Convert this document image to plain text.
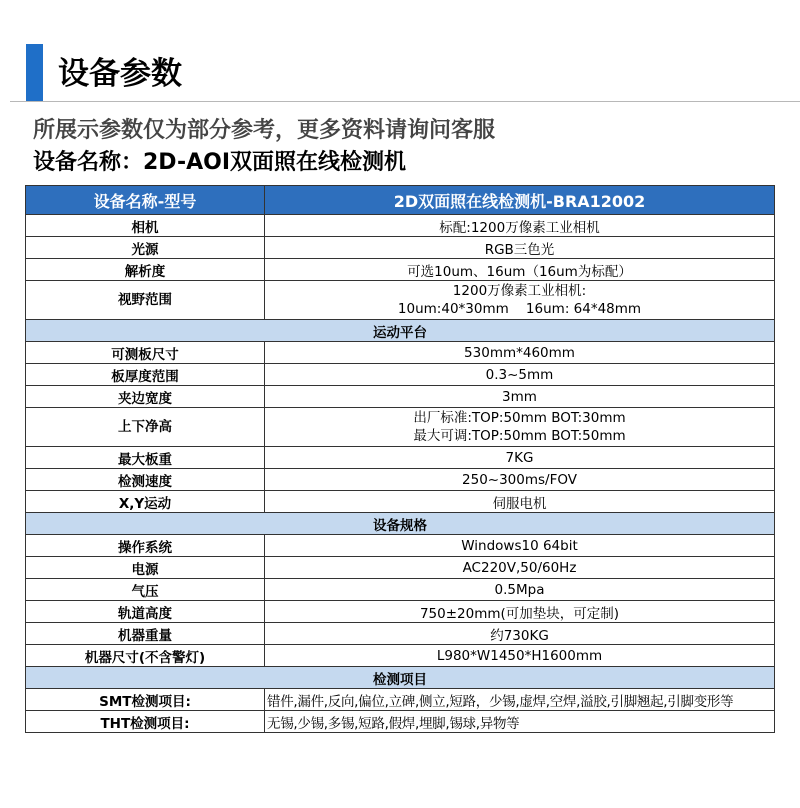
设备参数
所展示参数仅为部分参考，更多资料请询问客服
设备名称：2D-AOI双面照在线检测机
设备名称-型号	2D双面照在线检测机-BRA12002
相机	标配:1200万像素工业相机
光源	RGB三色光
解析度	可选10um、16um（16um为标配）
视野范围	1200万像素工业相机:
10um:40*30mm    16um: 64*48mm

运动平台	
可测板尺寸	530mm*460mm
板厚度范围	0.3~5mm
夹边宽度	3mm
上下净高	出厂标准:TOP:50mm BOT:30mm
最大可调:TOP:50mm BOT:50mm

最大板重	7KG
检测速度	250~300ms/FOV
X,Y运动	伺服电机
设备规格	
操作系统	Windows10 64bit
电源	AC220V,50/60Hz
气压	0.5Mpa
轨道高度	750±20mm(可加垫块，可定制)
机器重量	约730KG
机器尺寸(不含警灯)	L980*W1450*H1600mm
检测项目	
SMT检测项目:	错件,漏件,反向,偏位,立碑,侧立,短路，少锡,虚焊,空焊,溢胶,引脚翘起,引脚变形等
THT检测项目:	无锡,少锡,多锡,短路,假焊,埋脚,锡球,异物等
